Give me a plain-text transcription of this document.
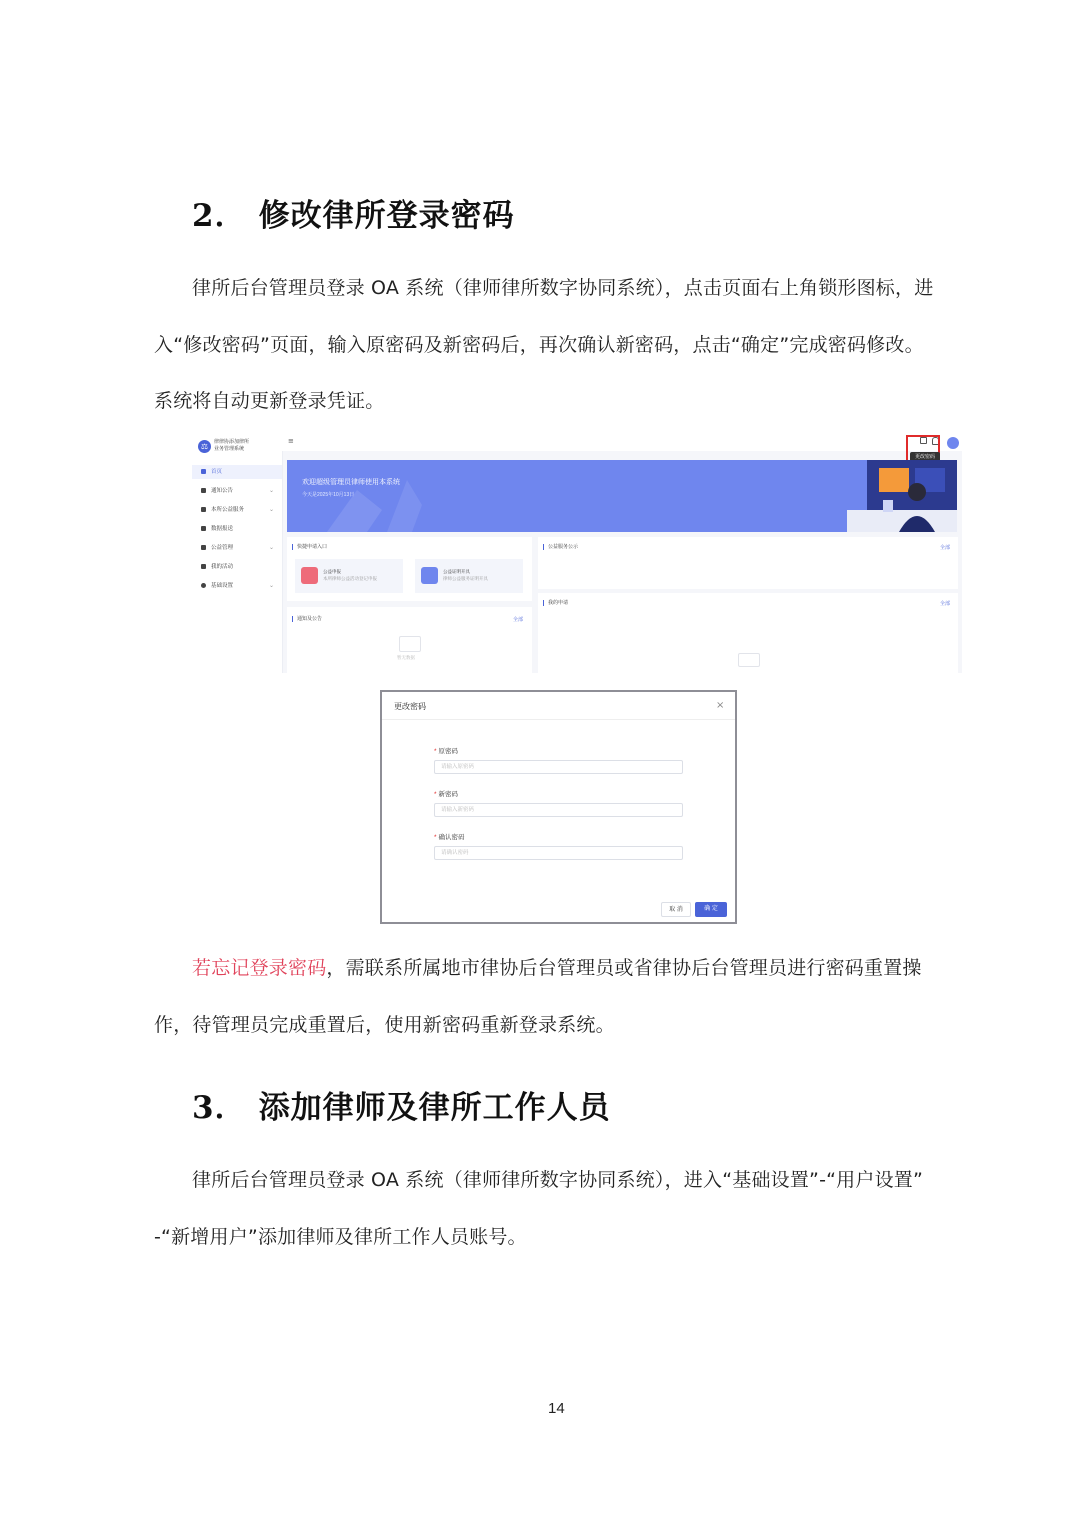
2． 修改律所登录密码
律所后台管理员登录 OA 系统（律师律所数字协同系统），点击页面右上角锁形图标，进
入“修改密码”页面，输入原密码及新密码后，再次确认新密码，点击“确定”完成密码修改。
系统将自动更新登录凭证。
⚖	律律协添加律所
业务管理系统
首页
通知公告	⌄
本所公益服务	⌄
数据报送
公益管理	⌄
我的活动
基础设置	⌄
≡
更改密码
欢迎超级管理员律师使用本系统
今天是2025年10月13日
快捷申请入口
公益申报
本所律师公益活动登记申报
公益证明开具
律师公益服务证明开具
通知及公告	全部
暂无数据
公益服务公示	全部
我的申请	全部
更改密码	×
* 原密码
请输入原密码
* 新密码
请输入新密码
* 确认密码
请确认密码
取 消	确 定
若忘记登录密码，需联系所属地市律协后台管理员或省律协后台管理员进行密码重置操
作，待管理员完成重置后，使用新密码重新登录系统。
3． 添加律师及律所工作人员
律所后台管理员登录 OA 系统（律师律所数字协同系统），进入“基础设置”-“用户设置”
-“新增用户”添加律师及律所工作人员账号。
14
